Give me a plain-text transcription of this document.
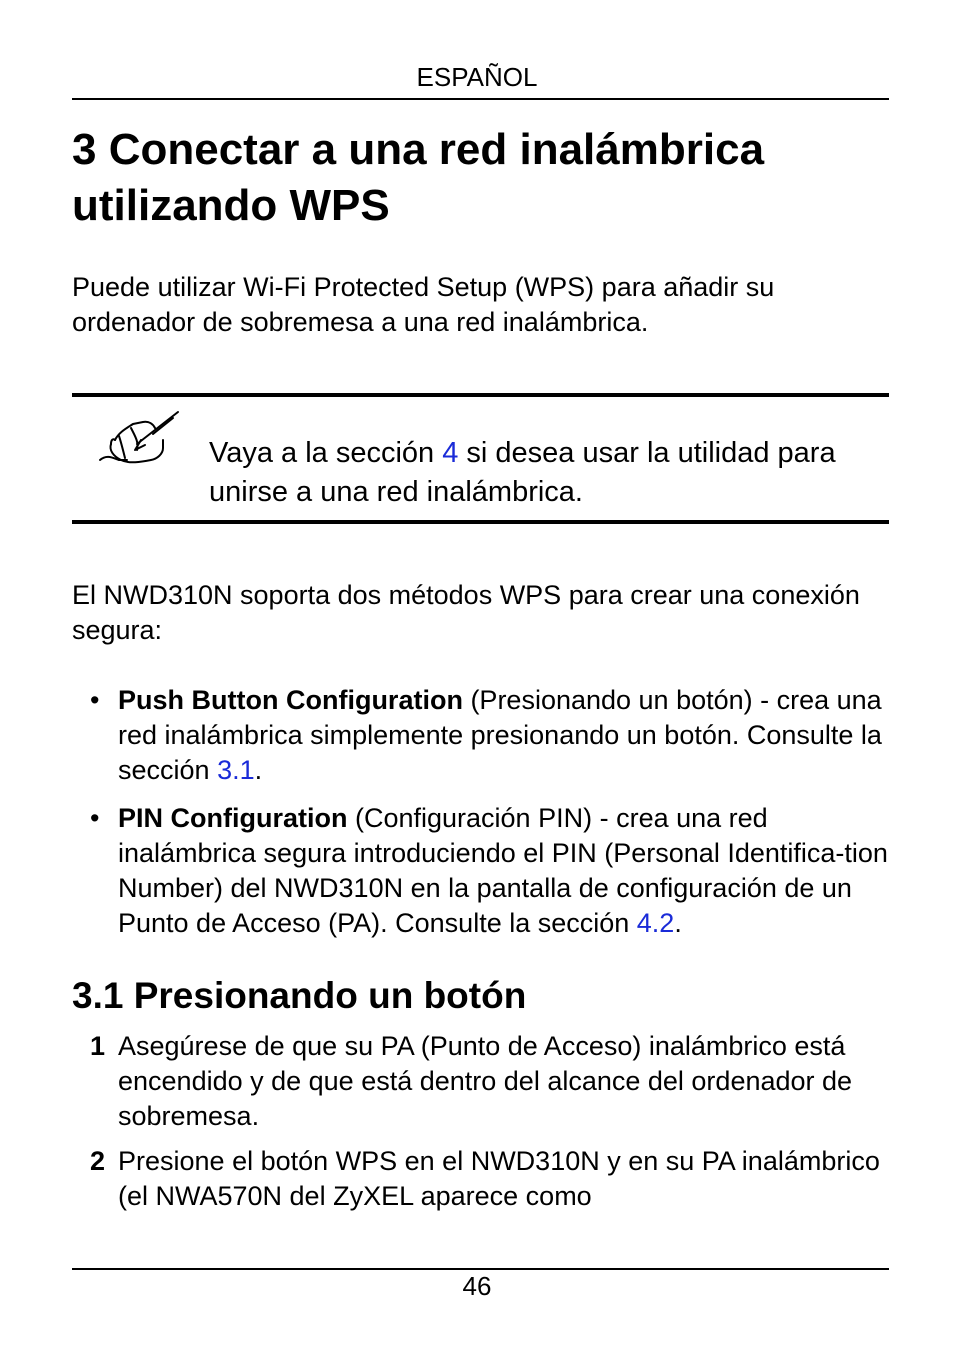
ESPAÑOL
3 Conectar a una red inalámbrica utilizando WPS

Puede utilizar Wi-Fi Protected Setup (WPS) para añadir su ordenador de sobremesa a una red inalámbrica.

Vaya a la sección 4 si desea usar la utilidad para unirse a una red inalámbrica.

El NWD310N soporta dos métodos WPS para crear una conexión segura:

• Push Button Configuration (Presionando un botón) - crea una red inalámbrica simplemente presionando un botón. Consulte la sección 3.1.
• PIN Configuration (Configuración PIN) - crea una red inalámbrica segura introduciendo el PIN (Personal Identifica-tion Number) del NWD310N en la pantalla de configuración de un Punto de Acceso (PA). Consulte la sección 4.2.
3.1 Presionando un botón
1 Asegúrese de que su PA (Punto de Acceso) inalámbrico está encendido y de que está dentro del alcance del ordenador de sobremesa.
2 Presione el botón WPS en el NWD310N y en su PA inalámbrico (el NWA570N del ZyXEL aparece como
46
